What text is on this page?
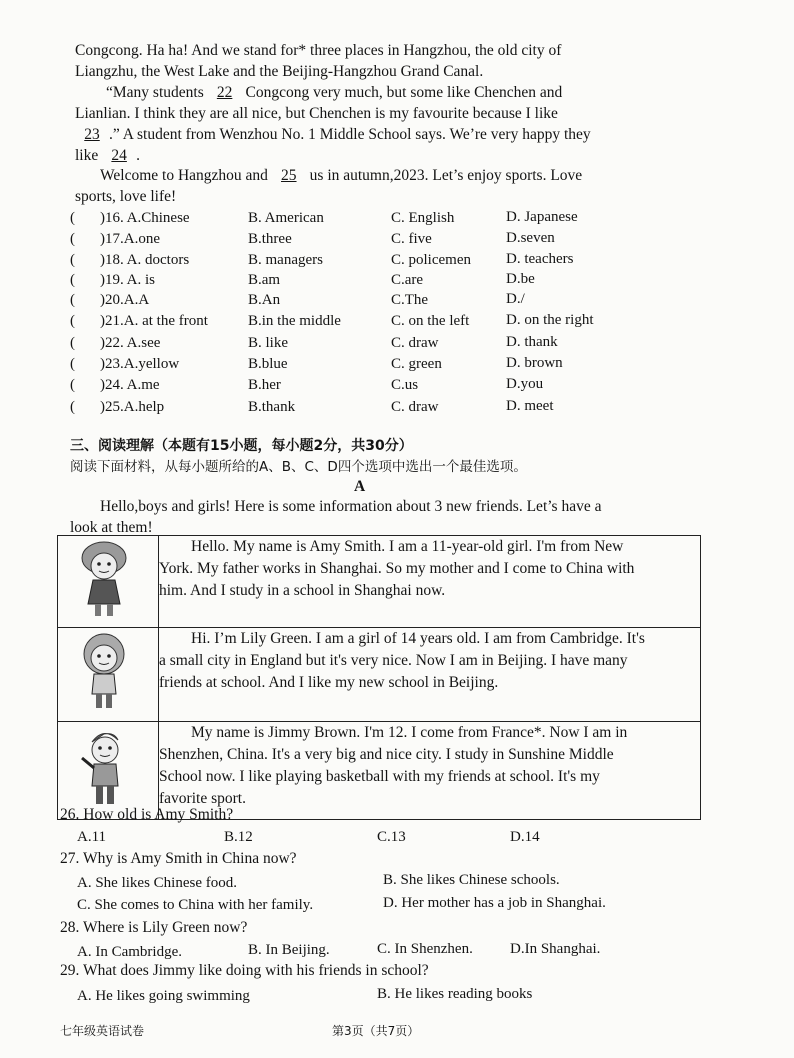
Congcong. Ha ha! And we stand for* three places in Hangzhou, the old city of
Liangzhu, the West Lake and the Beijing-Hangzhou Grand Canal.
“Many students 22 Congcong very much, but some like Chenchen and
Lianlian. I think they are all nice, but Chenchen is my favourite because I like
23 .” A student from Wenzhou No. 1 Middle School says. We’re very happy they
like 24 .
Welcome to Hangzhou and 25 us in autumn,2023. Let’s enjoy sports. Love
sports, love life!
( )16. A.Chinese	B. American	C. English	D. Japanese
( )17.A.one	B.three	C. five	D.seven
( )18. A. doctors	B. managers	C. policemen D. teachers
( )19. A. is	B.am	C.are	D.be
( )20.A.A	B.An	C.The	D./
( )21.A. at the front	B.in the middle	C. on the left D. on the right
( )22. A.see	B. like	C. draw	D. thank
( )23.A.yellow	B.blue	C. green	D. brown
( )24. A.me	B.her	C.us	D.you
( )25.A.help	B.thank	C. draw	D. meet
三、阅读理解（本题有15小题，每小题2分，共30分）
阅读下面材料，从每小题所给的A、B、C、D四个选项中选出一个最佳选项。
A
Hello,boys and girls! Here is some information about 3 new friends. Let’s have a
look at them!

Hello. My name is Amy Smith. I am a 11-year-old girl. I'm from New
York. My father works in Shanghai. So my mother and I come to China with
him. And I study in a school in Shanghai now.

Hi. I’m Lily Green. I am a girl of 14 years old. I am from Cambridge. It's
a small city in England but it's very nice. Now I am in Beijing. I have many
friends at school. And I like my new school in Beijing.

My name is Jimmy Brown. I'm 12. I come from France*. Now I am in
Shenzhen, China. It's a very big and nice city. I study in Sunshine Middle
School now. I like playing basketball with my friends at school. It's my
favorite sport.
26. How old is Amy Smith?
A.11	B.12	C.13	D.14
27. Why is Amy Smith in China now?
A. She likes Chinese food.	B. She likes Chinese schools.
C. She comes to China with her family.	D. Her mother has a job in Shanghai.
28. Where is Lily Green now?
A. In Cambridge.	B. In Beijing.	C. In Shenzhen. D.In Shanghai.
29. What does Jimmy like doing with his friends in school?
A. He likes going swimming	B. He likes reading books
七年级英语试卷	第3页（共7页）
